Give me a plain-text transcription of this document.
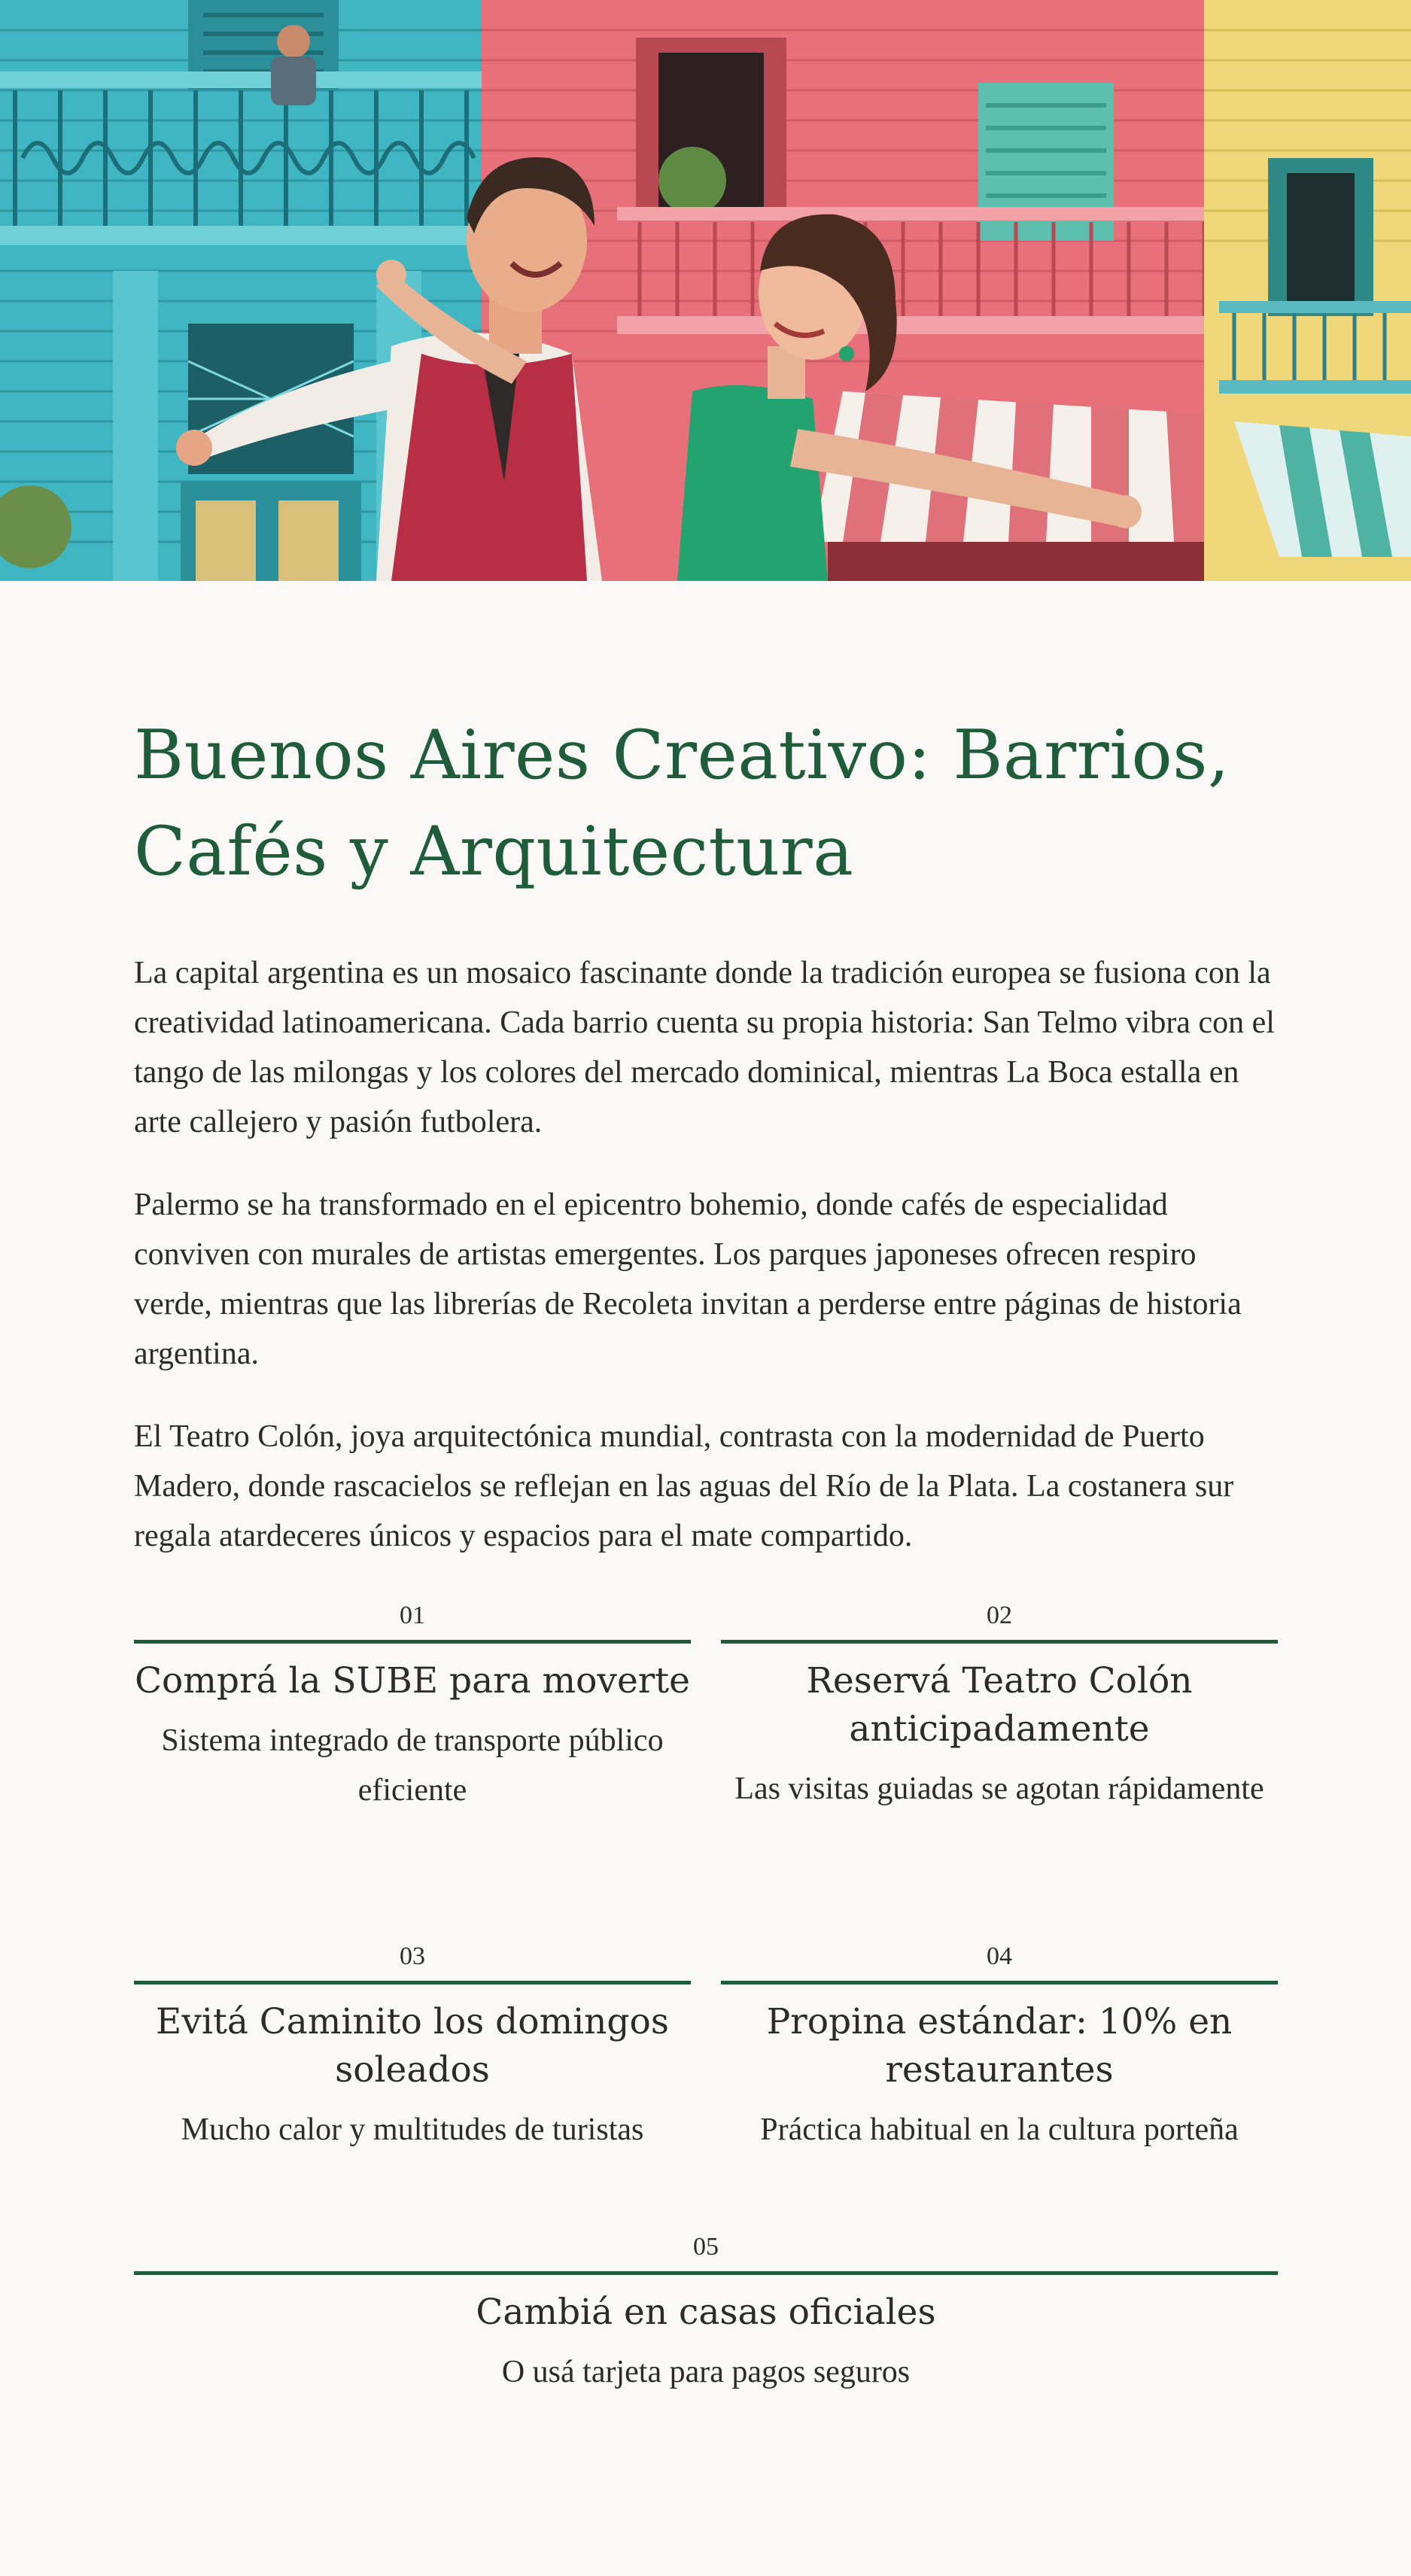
Buenos Aires Creativo: Barrios, Cafés y Arquitectura

La capital argentina es un mosaico fascinante donde la tradición europea se fusiona con la creatividad latinoamericana. Cada barrio cuenta su propia historia: San Telmo vibra con el tango de las milongas y los colores del mercado dominical, mientras La Boca estalla en arte callejero y pasión futbolera.

Palermo se ha transformado en el epicentro bohemio, donde cafés de especialidad conviven con murales de artistas emergentes. Los parques japoneses ofrecen respiro verde, mientras que las librerías de Recoleta invitan a perderse entre páginas de historia argentina.

El Teatro Colón, joya arquitectónica mundial, contrasta con la modernidad de Puerto Madero, donde rascacielos se reflejan en las aguas del Río de la Plata. La costanera sur regala atardeceres únicos y espacios para el mate compartido.

01
Comprá la SUBE para moverte
Sistema integrado de transporte público eficiente
02
Reservá Teatro Colón anticipadamente
Las visitas guiadas se agotan rápidamente
03
Evitá Caminito los domingos soleados
Mucho calor y multitudes de turistas
04
Propina estándar: 10% en restaurantes
Práctica habitual en la cultura porteña
05
Cambiá en casas oficiales
O usá tarjeta para pagos seguros
